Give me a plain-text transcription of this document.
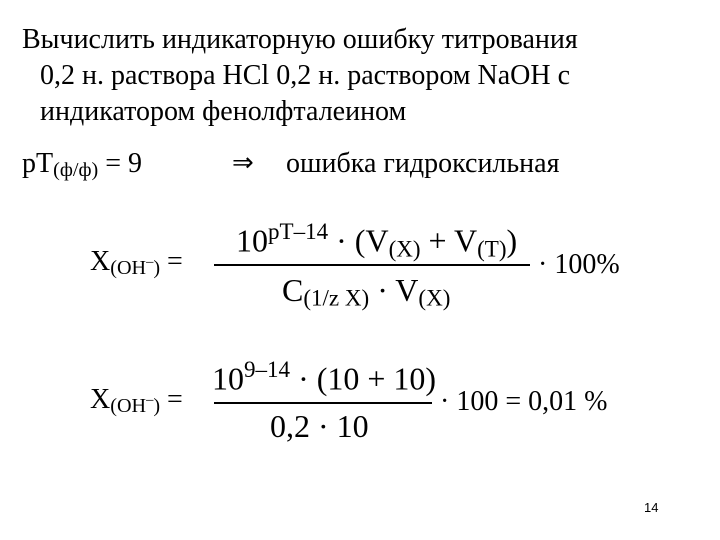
Вычислить индикаторную ошибку титрования
0,2 н. раствора HCl 0,2 н. раствором NaOH с
индикатором фенолфталеином
$pT_{(ф/ф)} = 9$	⇒ ошибка гидроксильная
$X_{(OH^-)}$ =
$10^{pT-14} \cdot (V_{(X)} + V_{(T)})$
$C_{(1/z X)} \cdot V_{(X)}$
· 100%
$X_{(OH^-)}$ =
$10^{9-14} \cdot (10 + 10)$
0,2 · 10
· 100 = 0,01 %
14
